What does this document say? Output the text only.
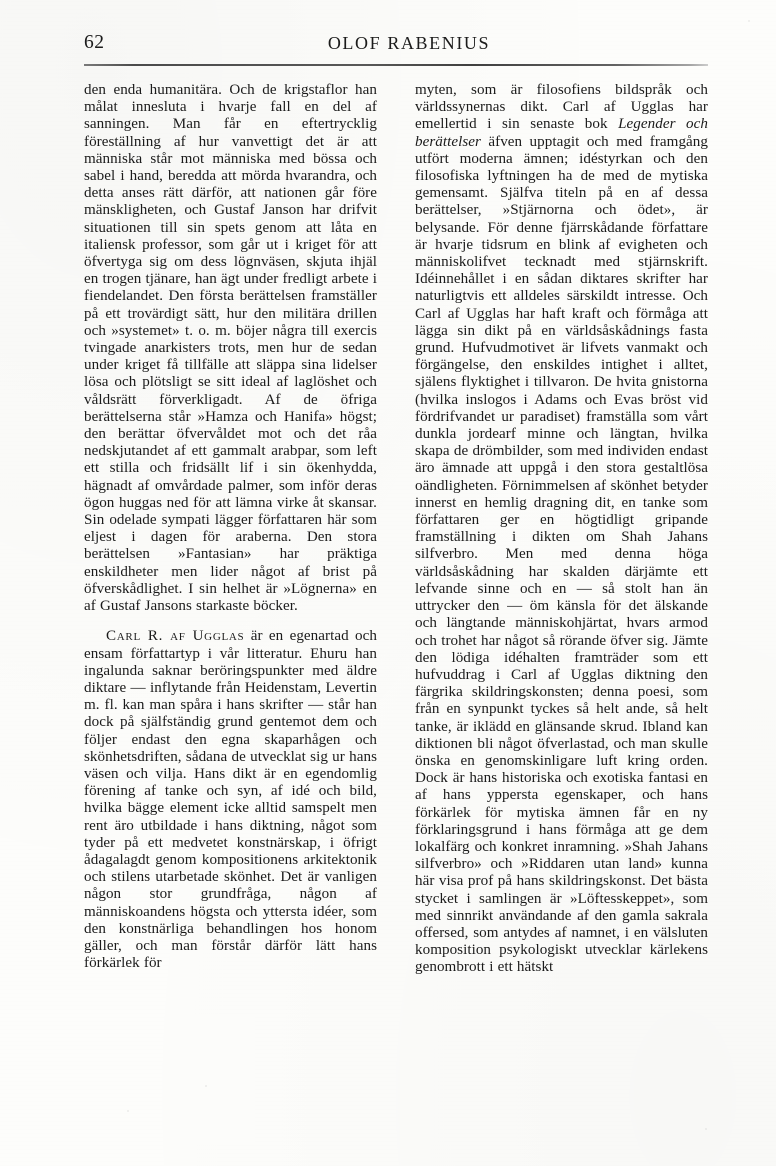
62	OLOF RABENIUS

den enda humanitära. Och de krigstaflor han målat innesluta i hvarje fall en del af sanningen. Man får en eftertrycklig föreställning af hur vanvettigt det är att människa står mot människa med bössa och sabel i hand, beredda att mörda hvarandra, och detta anses rätt därför, att nationen går före mänskligheten, och Gustaf Janson har drifvit situationen till sin spets genom att låta en italiensk professor, som går ut i kriget för att öfvertyga sig om dess lögnväsen, skjuta ihjäl en trogen tjänare, han ägt under fredligt arbete i fiendelandet. Den första berättelsen framställer på ett trovärdigt sätt, hur den militära drillen och »systemet» t. o. m. böjer några till exercis tvingade anarkisters trots, men hur de sedan under kriget få tillfälle att släppa sina lidelser lösa och plötsligt se sitt ideal af laglöshet och våldsrätt förverkligadt. Af de öfriga berättelserna står »Hamza och Hanifa» högst; den berättar öfvervåldet mot och det råa nedskjutandet af ett gammalt arabpar, som left ett stilla och fridsällt lif i sin ökenhydda, hägnadt af omvårdade palmer, som inför deras ögon huggas ned för att lämna virke åt skansar. Sin odelade sympati lägger författaren här som eljest i dagen för araberna. Den stora berättelsen »Fantasian» har präktiga enskildheter men lider något af brist på öfverskådlighet. I sin helhet är »Lögnerna» en af Gustaf Jansons starkaste böcker.

Carl R. af Ugglas är en egenartad och ensam författartyp i vår litteratur. Ehuru han ingalunda saknar beröringspunkter med äldre diktare — inflytande från Heidenstam, Levertin m. fl. kan man spåra i hans skrifter — står han dock på själfständig grund gentemot dem och följer endast den egna skaparhågen och skönhetsdriften, sådana de utvecklat sig ur hans väsen och vilja. Hans dikt är en egendomlig förening af tanke och syn, af idé och bild, hvilka bägge element icke alltid samspelt men rent äro utbildade i hans diktning, något som tyder på ett medvetet konstnärskap, i öfrigt ådagalagdt genom kompositionens arkitektonik och stilens utarbetade skönhet. Det är vanligen någon stor grundfråga, någon af människoandens högsta och yttersta idéer, som den konstnärliga behandlingen hos honom gäller, och man förstår därför lätt hans förkärlek för

myten, som är filosofiens bildspråk och världssynernas dikt. Carl af Ugglas har emellertid i sin senaste bok Legender och berättelser äfven upptagit och med framgång utfört moderna ämnen; idéstyrkan och den filosofiska lyftningen ha de med de mytiska gemensamt. Själfva titeln på en af dessa berättelser, »Stjärnorna och ödet», är belysande. För denne fjärrskådande författare är hvarje tidsrum en blink af evigheten och människolifvet tecknadt med stjärnskrift. Idéinnehållet i en sådan diktares skrifter har naturligtvis ett alldeles särskildt intresse. Och Carl af Ugglas har haft kraft och förmåga att lägga sin dikt på en världsåskådnings fasta grund. Hufvudmotivet är lifvets vanmakt och förgängelse, den enskildes intighet i alltet, själens flyktighet i tillvaron. De hvita gnistorna (hvilka inslogos i Adams och Evas bröst vid fördrifvandet ur paradiset) framställa som vårt dunkla jordearf minne och längtan, hvilka skapa de drömbilder, som med individen endast äro ämnade att uppgå i den stora gestaltlösa oändligheten. Förnimmelsen af skönhet betyder innerst en hemlig dragning dit, en tanke som författaren ger en högtidligt gripande framställning i dikten om Shah Jahans silfverbro. Men med denna höga världsåskådning har skalden därjämte ett lefvande sinne och en — så stolt han än uttrycker den — öm känsla för det älskande och längtande människohjärtat, hvars armod och trohet har något så rörande öfver sig. Jämte den lödiga idéhalten framträder som ett hufvuddrag i Carl af Ugglas diktning den färgrika skildringskonsten; denna poesi, som från en synpunkt tyckes så helt ande, så helt tanke, är iklädd en glänsande skrud. Ibland kan diktionen bli något öfverlastad, och man skulle önska en genomskinligare luft kring orden. Dock är hans historiska och exotiska fantasi en af hans yppersta egenskaper, och hans förkärlek för mytiska ämnen får en ny förklaringsgrund i hans förmåga att ge dem lokalfärg och konkret inramning. »Shah Jahans silfverbro» och »Riddaren utan land» kunna här visa prof på hans skildringskonst. Det bästa stycket i samlingen är »Löftesskeppet», som med sinnrikt användande af den gamla sakrala offersed, som antydes af namnet, i en välsluten komposition psykologiskt utvecklar kärlekens genombrott i ett hätskt
